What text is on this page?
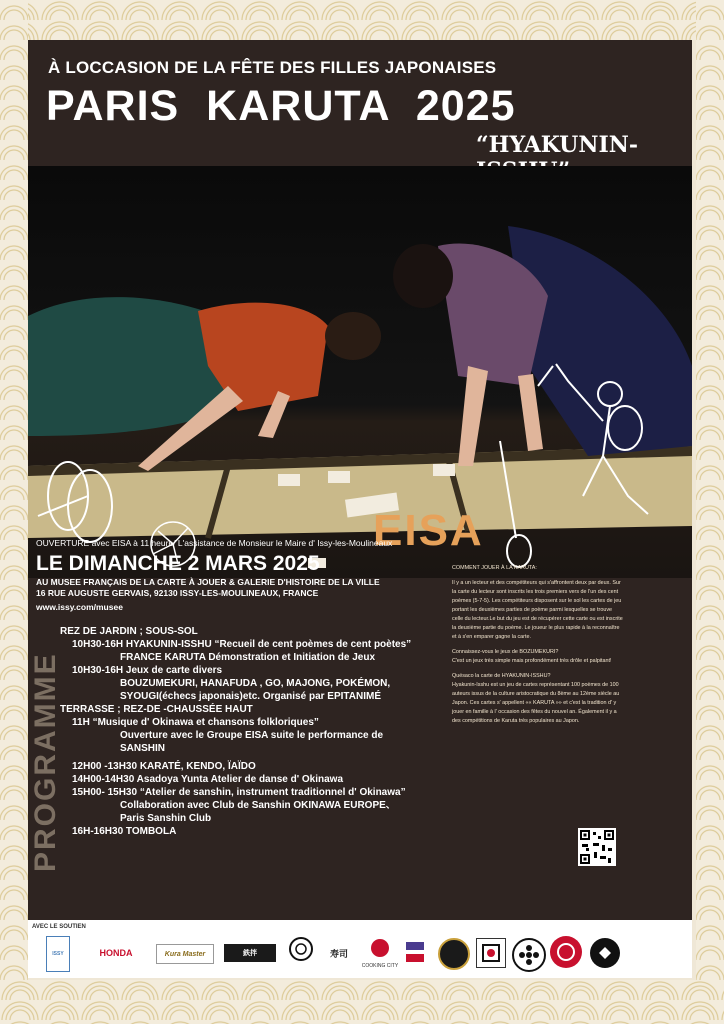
À LOCCASION DE LA FÊTE DES FILLES JAPONAISES
PARIS KARUTA 2025
“HYAKUNIN-
EISA
OUVERTURE avec EISA à 11 heure/ L'assistance de Monsieur le Maire d' Issy-les-Moulineaux
LE DIMANCHE 2 MARS 2025
AU MUSEE FRANÇAIS DE LA CARTE À JOUER & GALERIE D'HISTOIRE DE LA VILLE
16 RUE AUGUSTE GERVAIS, 92130 ISSY-LES-MOULINEAUX, FRANCE
www.issy.com/musee
PROGRAMME
REZ DE JARDIN ; SOUS-SOL
10H30-16H HYAKUNIN-ISSHU “Recueil de cent poèmes de cent poètes”
FRANCE KARUTA Démonstration et Initiation de Jeux
10H30-16H Jeux de carte divers
BOUZUMEKURI, HANAFUDA , GO, MAJONG, POKÉMON,
SYOUGI(échecs japonais)etc. Organisé par EPITANIMÉ
TERRASSE ; REZ-DE -CHAUSSÉE HAUT
11H “Musique d' Okinawa et chansons folkloriques”
Ouverture avec le Groupe EISA suite le performance de
SANSHIN
12H00 -13H30 KARATÉ, KENDO, ÏAÏDO
14H00-14H30 Asadoya Yunta Atelier de danse d' Okinawa
15H00- 15H30 “Atelier de sanshin, instrument traditionnel d' Okinawa”
Collaboration avec Club de Sanshin OKINAWA EUROPE、
Paris Sanshin Club
16H-16H30 TOMBOLA

COMMENT JOUER À LA KARUTA:

Il y a un lecteur et des compétiteurs qui s'affrontent deux par deux. Sur la carte du lecteur sont inscrits les trois premiers vers de l'un des cent poèmes (5-7-5). Les compétiteurs disposent sur le sol les cartes de jeu portant les deuxièmes parties de poème parmi lesquelles se trouve celle du lecteur.Le but du jeu est de récupérer cette carte ou est inscrite la deuxième partie du poème. Le joueur le plus rapide à la reconnaître et à s'en emparer gagne la carte.

Connaissez-vous le jeux de BOZUMEKURI?

C'est un jeux très simple mais profondément très drôle et palpitant!

Quésaco la carte de HYAKUNIN-ISSHU?

Hyakunin-Isshu est un jeu de cartes représentant 100 poèmes de 100 auteurs issus de la culture aristocratique du 8ème au 12ème siècle au Japon. Ces cartes s' appellent «« KARUTA »» et c'est la tradition d' y jouer en famille à l' occasion des fêtes du nouvel an. Également il y a des compétitions de Karuta très populaires au Japon.

AVEC LE SOUTIEN
ISSY	HONDA	Kura Master	鉄拌	寿司
COOKING CITY
